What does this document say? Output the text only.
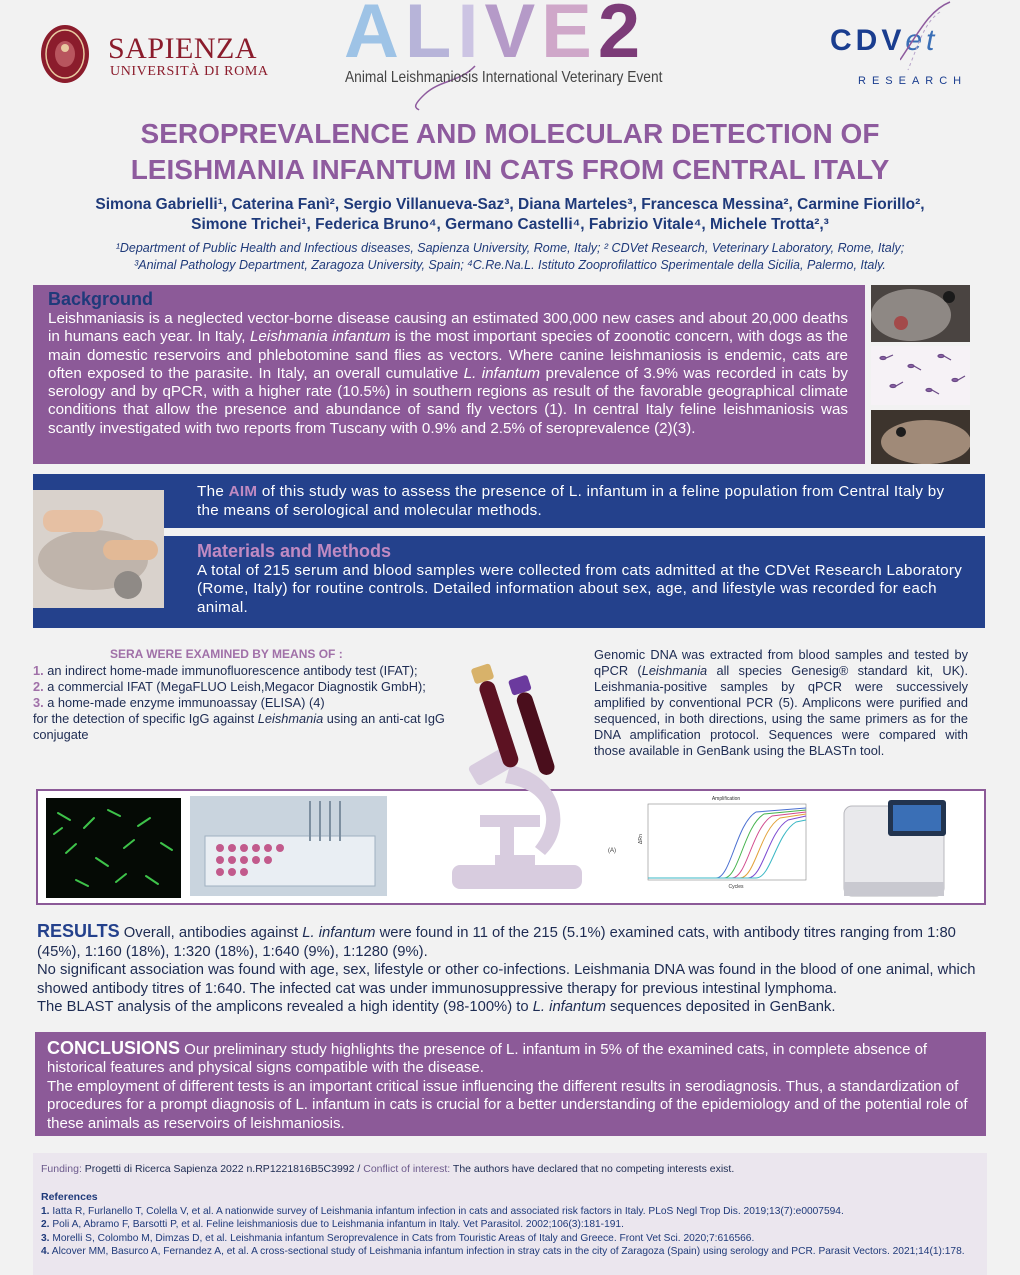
SAPIENZA
UNIVERSITÀ DI ROMA ALIVE2
Animal Leishmaniosis International Veterinary Event
CDVet
RESEARCH
SEROPREVALENCE AND MOLECULAR DETECTION OF
LEISHMANIA INFANTUM IN CATS FROM CENTRAL ITALY
Simona Gabrielli¹, Caterina Fanì², Sergio Villanueva-Saz³, Diana Marteles³, Francesca Messina², Carmine Fiorillo²,
Simone Trichei¹, Federica Bruno⁴, Germano Castelli⁴, Fabrizio Vitale⁴, Michele Trotta²,³
¹Department of Public Health and Infectious diseases, Sapienza University, Rome, Italy; ² CDVet Research, Veterinary Laboratory, Rome, Italy;
³Animal Pathology Department, Zaragoza University, Spain; ⁴C.Re.Na.L. Istituto Zooprofilattico Sperimentale della Sicilia, Palermo, Italy.
Background
Leishmaniasis is a neglected vector-borne disease causing an estimated 300,000 new cases and about 20,000 deaths in humans each year. In Italy, Leishmania infantum is the most important species of zoonotic concern, with dogs as the main domestic reservoirs and phlebotomine sand flies as vectors. Where canine leishmaniosis is endemic, cats are often exposed to the parasite. In Italy, an overall cumulative L. infantum prevalence of 3.9% was recorded in cats by serology and by qPCR, with a higher rate (10.5%) in southern regions as result of the favorable geographical climate conditions that allow the presence and abundance of sand fly vectors (1). In central Italy feline leishmaniosis was scantly investigated with two reports from Tuscany with 0.9% and 2.5% of seroprevalence (2)(3).
The AIM of this study was to assess the presence of L. infantum in a feline population from Central Italy by the means of serological and molecular methods.
Materials and Methods
A total of 215 serum and blood samples were collected from cats admitted at the CDVet Research Laboratory (Rome, Italy) for routine controls. Detailed information about sex, age, and lifestyle was recorded for each animal.
SERA WERE EXAMINED BY MEANS OF :
1. an indirect home-made immunofluorescence antibody test (IFAT);
2. a commercial IFAT (MegaFLUO Leish,Megacor Diagnostik GmbH);
3. a home-made enzyme immunoassay (ELISA) (4)
for the detection of specific IgG against Leishmania using an anti-cat IgG conjugate
Genomic DNA was extracted from blood samples and tested by qPCR (Leishmania all species Genesig® standard kit, UK). Leishmania-positive samples by qPCR were successively amplified by conventional PCR (5). Amplicons were purified and sequenced, in both directions, using the same primers as for the DNA amplification protocol. Sequences were compared with those available in GenBank using the BLASTn tool.
(A)
Amplification
Cycles
ΔRn
RESULTS Overall, antibodies against L. infantum were found in 11 of the 215 (5.1%) examined cats, with antibody titres ranging from 1:80 (45%), 1:160 (18%), 1:320 (18%), 1:640 (9%), 1:1280 (9%).
No significant association was found with age, sex, lifestyle or other co-infections. Leishmania DNA was found in the blood of one animal, which showed antibody titres of 1:640. The infected cat was under immunosuppressive therapy for previous intestinal lymphoma.
The BLAST analysis of the amplicons revealed a high identity (98-100%) to L. infantum sequences deposited in GenBank.
CONCLUSIONS Our preliminary study highlights the presence of L. infantum in 5% of the examined cats, in complete absence of historical features and physical signs compatible with the disease.
The employment of different tests is an important critical issue influencing the different results in serodiagnosis. Thus, a standardization of procedures for a prompt diagnosis of L. infantum in cats is crucial for a better understanding of the epidemiology and of the potential role of these animals as reservoirs of leishmaniosis.
Funding: Progetti di Ricerca Sapienza 2022 n.RP1221816B5C3992 / Conflict of interest: The authors have declared that no competing interests exist.
References
1. Iatta R, Furlanello T, Colella V, et al. A nationwide survey of Leishmania infantum infection in cats and associated risk factors in Italy. PLoS Negl Trop Dis. 2019;13(7):e0007594.
2. Poli A, Abramo F, Barsotti P, et al. Feline leishmaniosis due to Leishmania infantum in Italy. Vet Parasitol. 2002;106(3):181-191.
3. Morelli S, Colombo M, Dimzas D, et al. Leishmania infantum Seroprevalence in Cats from Touristic Areas of Italy and Greece. Front Vet Sci. 2020;7:616566.
4. Alcover MM, Basurco A, Fernandez A, et al. A cross-sectional study of Leishmania infantum infection in stray cats in the city of Zaragoza (Spain) using serology and PCR. Parasit Vectors. 2021;14(1):178.
